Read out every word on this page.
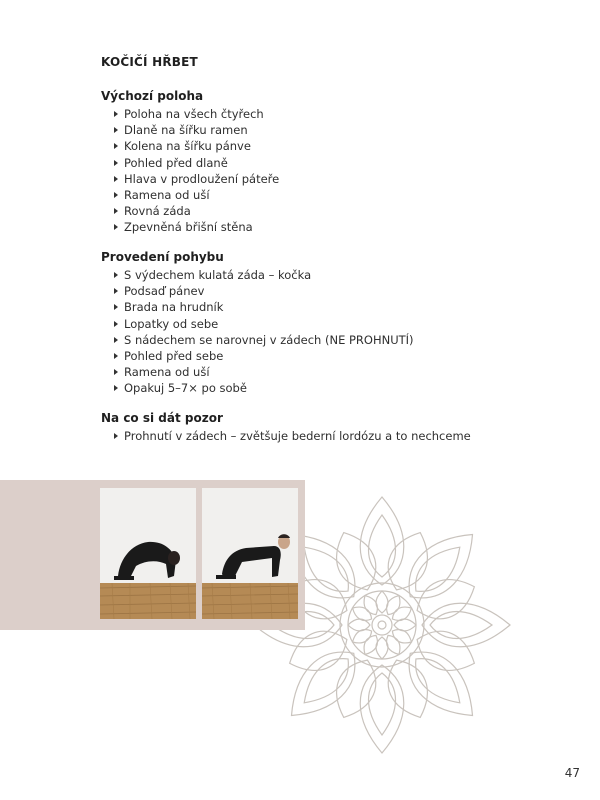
KOČIČÍ HŘBET
Výchozí poloha
Poloha na všech čtyřech
Dlaně na šířku ramen
Kolena na šířku pánve
Pohled před dlaně
Hlava v prodloužení páteře
Ramena od uší
Rovná záda
Zpevněná břišní stěna
Provedení pohybu
S výdechem kulatá záda – kočka
Podsaď pánev
Brada na hrudník
Lopatky od sebe
S nádechem se narovnej v zádech (NE PROHNUTÍ)
Pohled před sebe
Ramena od uší
Opakuj 5–7× po sobě
Na co si dát pozor
Prohnutí v zádech – zvětšuje bederní lordózu a to nechceme
47
